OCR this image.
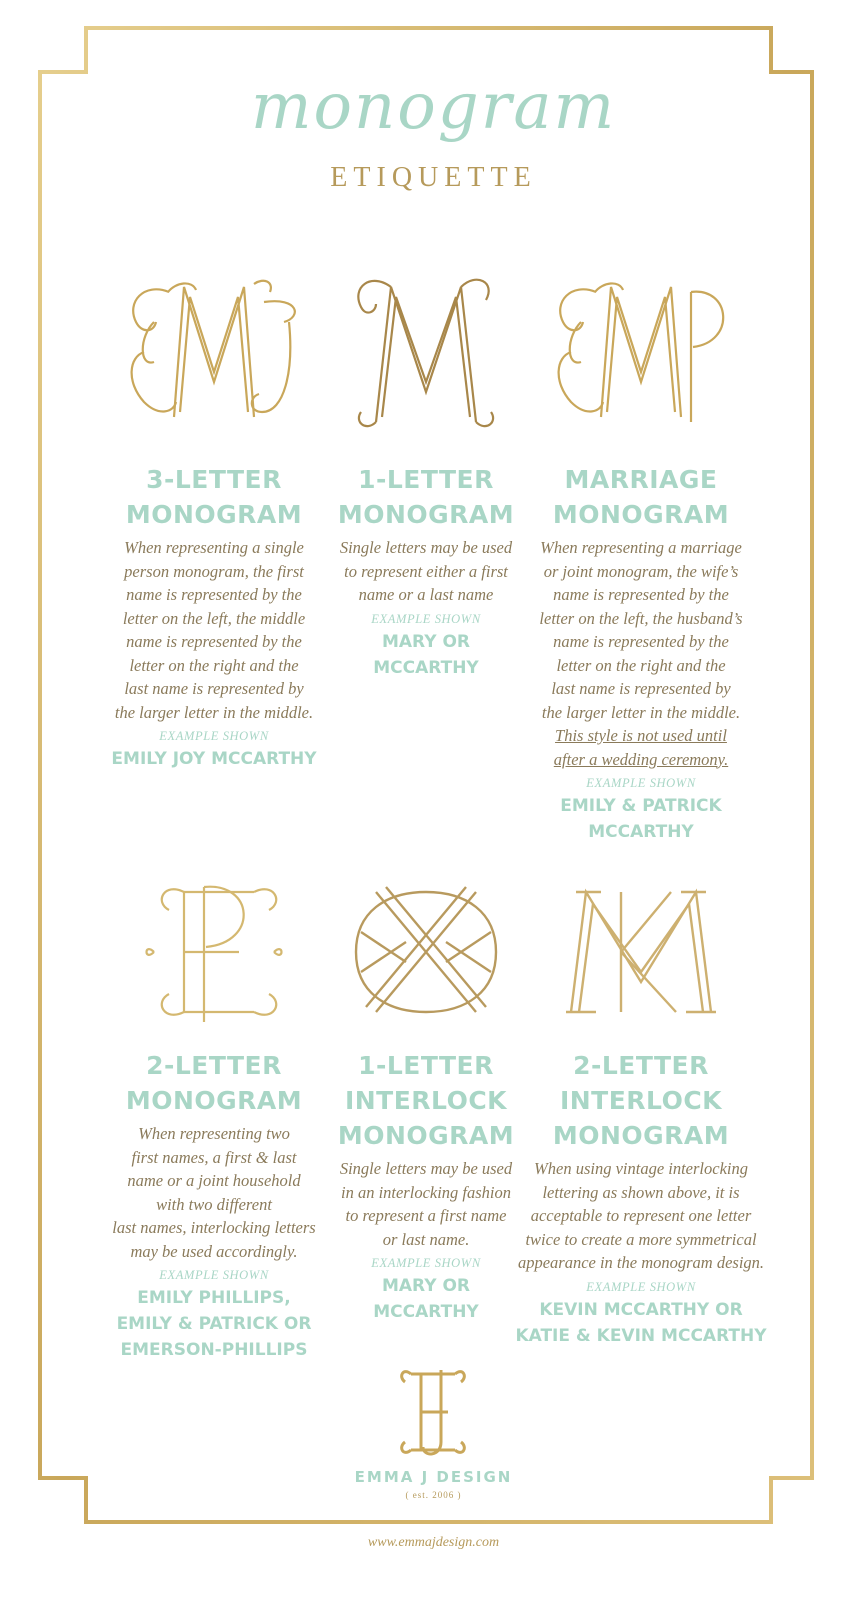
monogram
ETIQUETTE
3-LETTER
MONOGRAM
When representing a single
person monogram, the first
name is represented by the
letter on the left, the middle
name is represented by the
letter on the right and the
last name is represented by
the larger letter in the middle.
EXAMPLE SHOWN
EMILY JOY MCCARTHY
1-LETTER
MONOGRAM
Single letters may be used
to represent either a first
name or a last name
EXAMPLE SHOWN
MARY OR
MCCARTHY
MARRIAGE
MONOGRAM
When representing a marriage
or joint monogram, the wife’s
name is represented by the
letter on the left, the husband’s
name is represented by the
letter on the right and the
last name is represented by
the larger letter in the middle.
This style is not used until
after a wedding ceremony.
EXAMPLE SHOWN
EMILY & PATRICK
MCCARTHY
2-LETTER
MONOGRAM
When representing two
first names, a first & last
name or a joint household
with two different
last names, interlocking letters
may be used accordingly.
EXAMPLE SHOWN
EMILY PHILLIPS,
EMILY & PATRICK OR
EMERSON-PHILLIPS
1-LETTER
INTERLOCK
MONOGRAM
Single letters may be used
in an interlocking fashion
to represent a first name
or last name.
EXAMPLE SHOWN
MARY OR
MCCARTHY
2-LETTER
INTERLOCK
MONOGRAM
When using vintage interlocking
lettering as shown above, it is
acceptable to represent one letter
twice to create a more symmetrical
appearance in the monogram design.
EXAMPLE SHOWN
KEVIN MCCARTHY OR
KATIE & KEVIN MCCARTHY
EMMA J DESIGN
( est. 2006 )
www.emmajdesign.com
